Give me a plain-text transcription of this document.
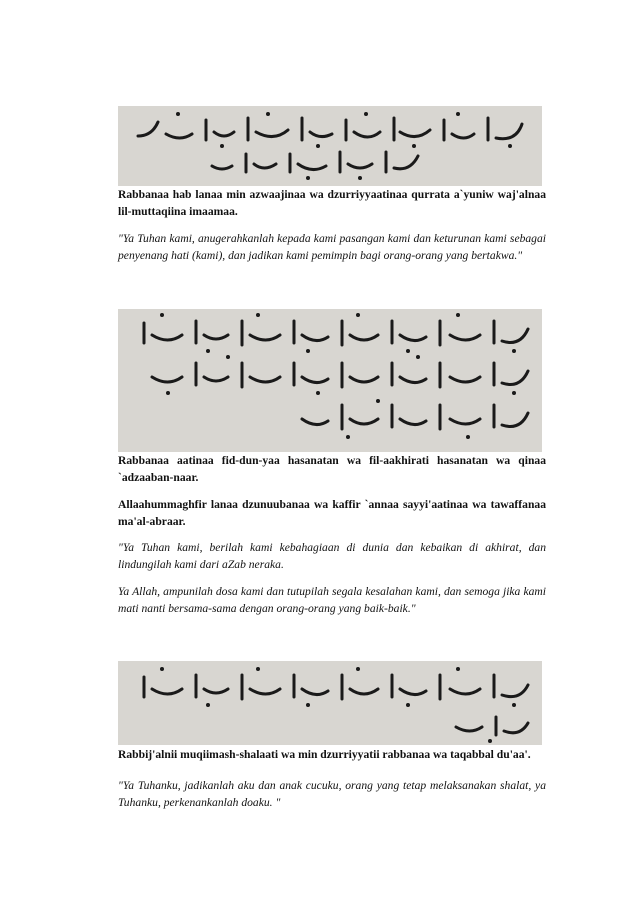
Rabbanaa hab lanaa min azwaajinaa wa dzurriyyaatinaa qurrata a`yuniw waj'alnaa lil-muttaqiina imaamaa.

"Ya Tuhan kami, anugerahkanlah kepada kami pasangan kami dan keturunan kami sebagai penyenang hati (kami), dan jadikan kami pemimpin bagi orang-orang yang bertakwa."

Rabbanaa aatinaa fid-dun-yaa hasanatan wa fil-aakhirati hasanatan wa qinaa `adzaaban-naar.

Allaahummaghfir lanaa dzunuubanaa wa kaffir `annaa sayyi'aatinaa wa tawaffanaa ma'al-abraar.

"Ya Tuhan kami, berilah kami kebahagiaan di dunia dan kebaikan di akhirat, dan lindungilah kami dari aZab neraka.

Ya Allah, ampunilah dosa kami dan tutupilah segala kesalahan kami, dan semoga jika kami mati nanti bersama-sama dengan orang-orang yang baik-baik."

Rabbij'alnii muqiimash-shalaati wa min dzurriyyatii rabbanaa wa taqabbal du'aa'.

"Ya Tuhanku, jadikanlah aku dan anak cucuku, orang yang tetap melaksanakan shalat, ya Tuhanku, perkenankanlah doaku. "
